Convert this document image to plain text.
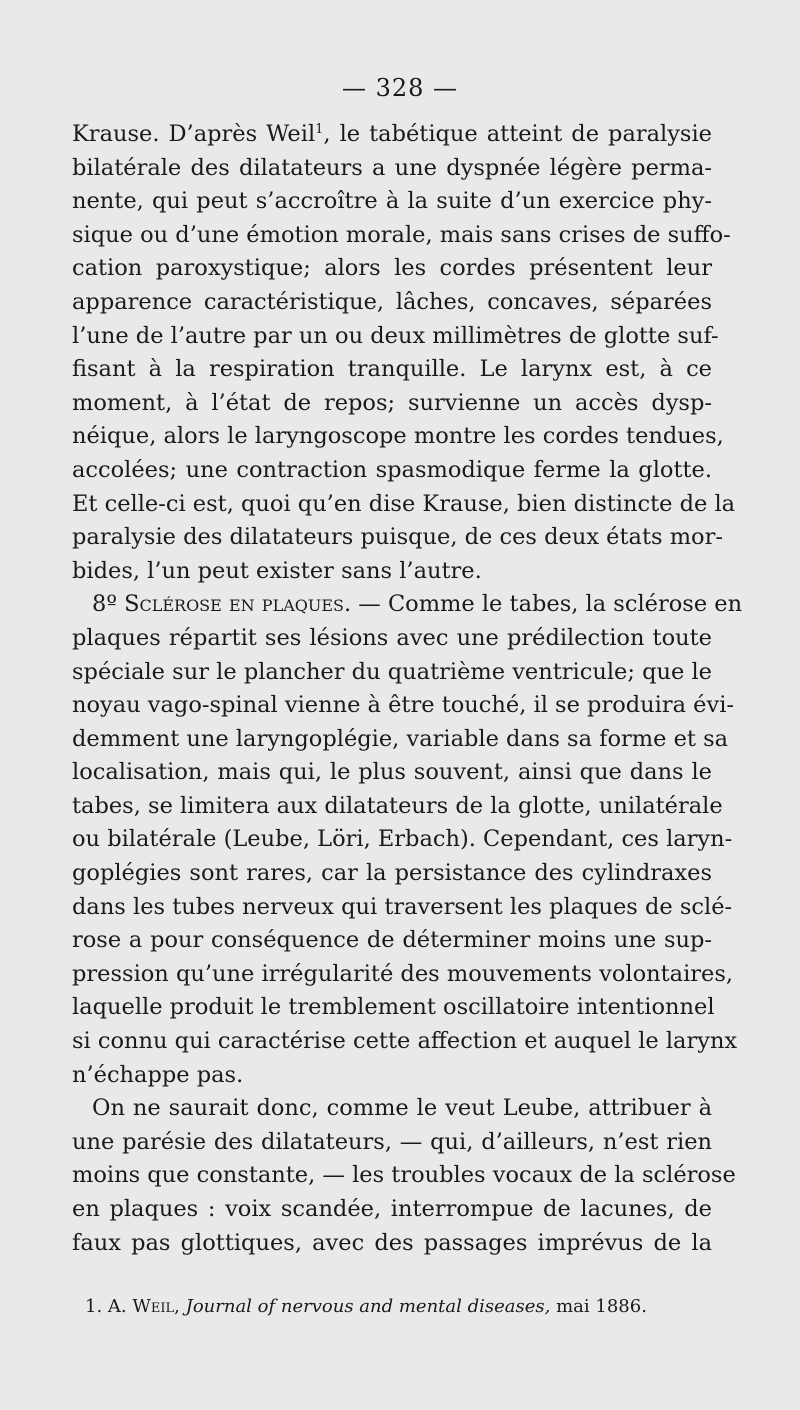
— 328 —
Krause. D’après Weil$^1$, le tabétique atteint de paralysie
bilatérale des dilatateurs a une dyspnée légère perma-
nente, qui peut s’accroître à la suite d’un exercice phy-
sique ou d’une émotion morale, mais sans crises de suffo-
cation paroxystique; alors les cordes présentent leur
apparence caractéristique, lâches, concaves, séparées
l’une de l’autre par un ou deux millimètres de glotte suf-
fisant à la respiration tranquille. Le larynx est, à ce
moment, à l’état de repos; survienne un accès dysp-
néique, alors le laryngoscope montre les cordes tendues,
accolées; une contraction spasmodique ferme la glotte.
Et celle-ci est, quoi qu’en dise Krause, bien distincte de la
paralysie des dilatateurs puisque, de ces deux états mor-
bides, l’un peut exister sans l’autre.
8º Sclérose en plaques. — Comme le tabes, la sclérose en
plaques répartit ses lésions avec une prédilection toute
spéciale sur le plancher du quatrième ventricule; que le
noyau vago-spinal vienne à être touché, il se produira évi-
demment une laryngoplégie, variable dans sa forme et sa
localisation, mais qui, le plus souvent, ainsi que dans le
tabes, se limitera aux dilatateurs de la glotte, unilatérale
ou bilatérale (Leube, Löri, Erbach). Cependant, ces laryn-
goplégies sont rares, car la persistance des cylindraxes
dans les tubes nerveux qui traversent les plaques de sclé-
rose a pour conséquence de déterminer moins une sup-
pression qu’une irrégularité des mouvements volontaires,
laquelle produit le tremblement oscillatoire intentionnel
si connu qui caractérise cette affection et auquel le larynx
n’échappe pas.
On ne saurait donc, comme le veut Leube, attribuer à
une parésie des dilatateurs, — qui, d’ailleurs, n’est rien
moins que constante, — les troubles vocaux de la sclérose
en plaques : voix scandée, interrompue de lacunes, de
faux pas glottiques, avec des passages imprévus de la
1. A. Weil, Journal of nervous and mental diseases, mai 1886.
